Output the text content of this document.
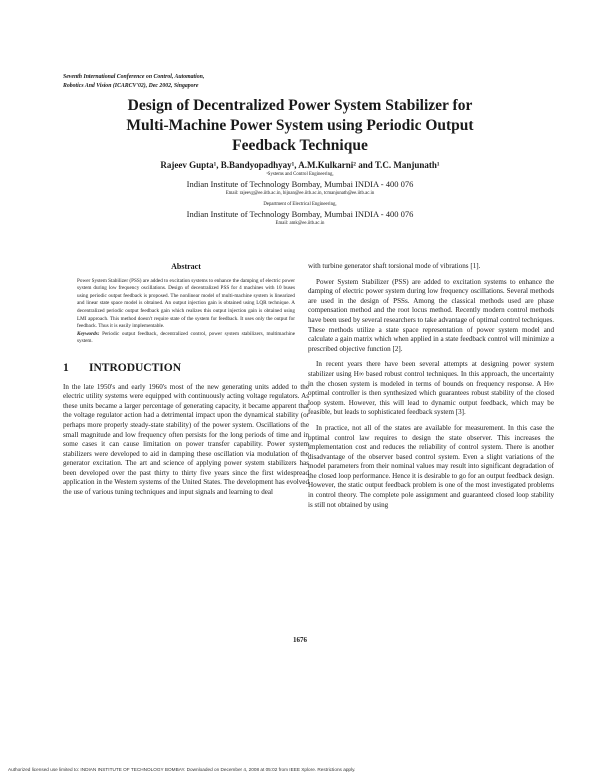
Seventh International Conference on Control, Automation,
Robotics And Vision (ICARCV'02), Dec 2002, Singapore
Design of Decentralized Power System Stabilizer for
Multi-Machine Power System using Periodic Output
Feedback Technique
Rajeev Gupta¹, B.Bandyopadhyay¹, A.M.Kulkarni² and T.C. Manjunath¹
¹Systems and Control Engineering,
Indian Institute of Technology Bombay, Mumbai INDIA - 400 076
Email: rajeevg@ee.iitb.ac.in, bijnan@ee.iitb.ac.in, tcmanjunath@ee.iitb.ac.in
Department of Electrical Engineering,
Indian Institute of Technology Bombay, Mumbai INDIA - 400 076
Email: amk@ee.iitb.ac.in
Abstract

Power System Stabilizer (PSS) are added to excitation systems to enhance the damping of electric power system during low frequency oscillations. Design of decentralized PSS for 4 machines with 10 buses using periodic output feedback is proposed. The nonlinear model of multi-machine system is linearized and linear state space model is obtained. An output injection gain is obtained using LQR technique. A decentralized periodic output feedback gain which realizes this output injection gain is obtained using LMI approach. This method doesn't require state of the system for feedback. It uses only the output for feedback. Thus it is easily implementable.

Keywords: Periodic output feedback, decentralized control, power system stabilizers, multimachine system.

1 INTRODUCTION

In the late 1950's and early 1960's most of the new generating units added to the electric utility systems were equipped with continuously acting voltage regulators. As these units became a larger percentage of generating capacity, it became apparent that the voltage regulator action had a detrimental impact upon the dynamical stability (or perhaps more properly steady-state stability) of the power system. Oscillations of the small magnitude and low frequency often persists for the long periods of time and in some cases it can cause limitation on power transfer capability. Power system stabilizers were developed to aid in damping these oscillation via modulation of the generator excitation. The art and science of applying power system stabilizers has been developed over the past thirty to thirty five years since the first widespread application in the Western systems of the United States. The development has evolved the use of various tuning techniques and input signals and learning to deal

with turbine generator shaft torsional mode of vibrations [1].

Power System Stabilizer (PSS) are added to excitation systems to enhance the damping of electric power system during low frequency oscillations. Several methods are used in the design of PSSs. Among the classical methods used are phase compensation method and the root locus method. Recently modern control methods have been used by several researchers to take advantage of optimal control techniques. These methods utilize a state space representation of power system model and calculate a gain matrix which when applied in a state feedback control will minimize a prescribed objective function [2].

In recent years there have been several attempts at designing power system stabilizer using H∞ based robust control techniques. In this approach, the uncertainty in the chosen system is modeled in terms of bounds on frequency response. A H∞ optimal controller is then synthesized which guarantees robust stability of the closed loop system. However, this will lead to dynamic output feedback, which may be feasible, but leads to sophisticated feedback system [3].

In practice, not all of the states are available for measurement. In this case the optimal control law requires to design the state observer. This increases the implementation cost and reduces the reliability of control system. There is another disadvantage of the observer based control system. Even a slight variations of the model parameters from their nominal values may result into significant degradation of the closed loop performance. Hence it is desirable to go for an output feedback design. However, the static output feedback problem is one of the most investigated problems in control theory. The complete pole assignment and guaranteed closed loop stability is still not obtained by using

1676
Authorized licensed use limited to: INDIAN INSTITUTE OF TECHNOLOGY BOMBAY. Downloaded on December 4, 2008 at 05:02 from IEEE Xplore. Restrictions apply.
